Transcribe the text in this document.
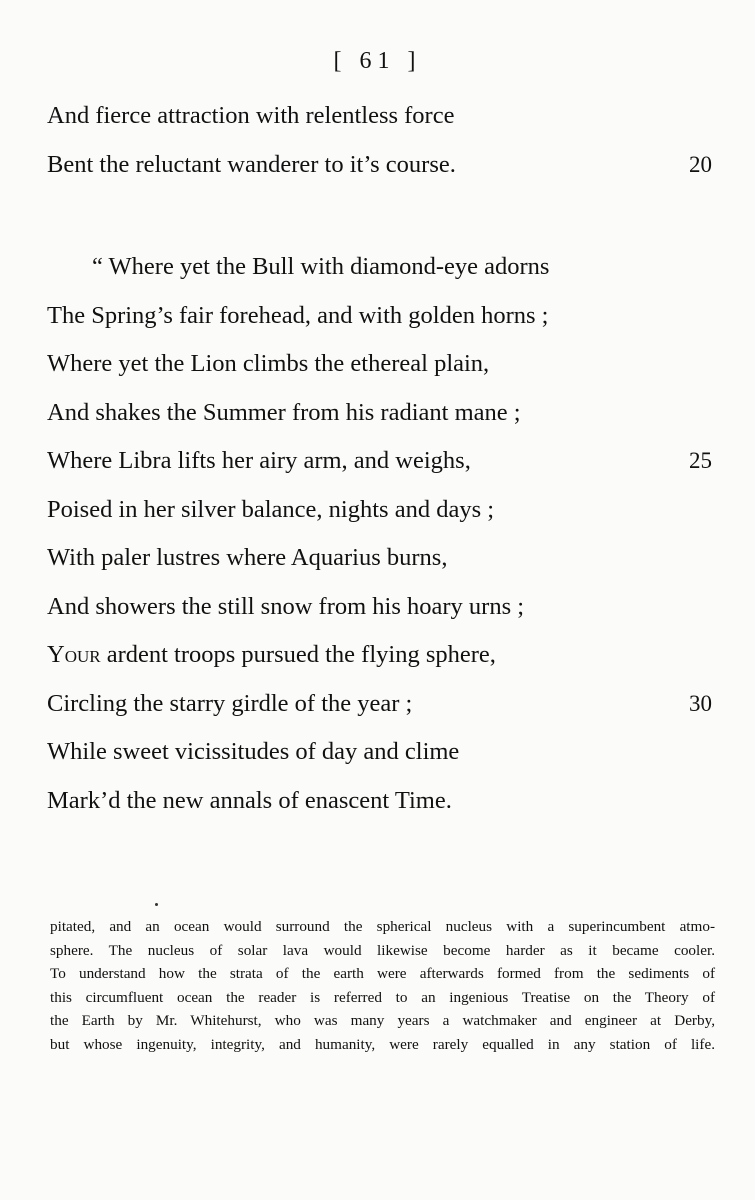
[ 61 ]
And fierce attraction with relentless force
Bent the reluctant wanderer to it’s course.	20
“ Where yet the Bull with diamond-eye adorns
The Spring’s fair forehead, and with golden horns ;
Where yet the Lion climbs the ethereal plain,
And shakes the Summer from his radiant mane ;
Where Libra lifts her airy arm, and weighs,	25
Poised in her silver balance, nights and days ;
With paler lustres where Aquarius burns,
And showers the still snow from his hoary urns ;
Your ardent troops pursued the flying sphere,
Circling the starry girdle of the year ;	30
While sweet vicissitudes of day and clime
Mark’d the new annals of enascent Time.
pitated, and an ocean would surround the spherical nucleus with a superincumbent atmo-
sphere. The nucleus of solar lava would likewise become harder as it became cooler.
To understand how the strata of the earth were afterwards formed from the sediments of
this circumfluent ocean the reader is referred to an ingenious Treatise on the Theory of
the Earth by Mr. Whitehurst, who was many years a watchmaker and engineer at Derby,
but whose ingenuity, integrity, and humanity, were rarely equalled in any station of life.
